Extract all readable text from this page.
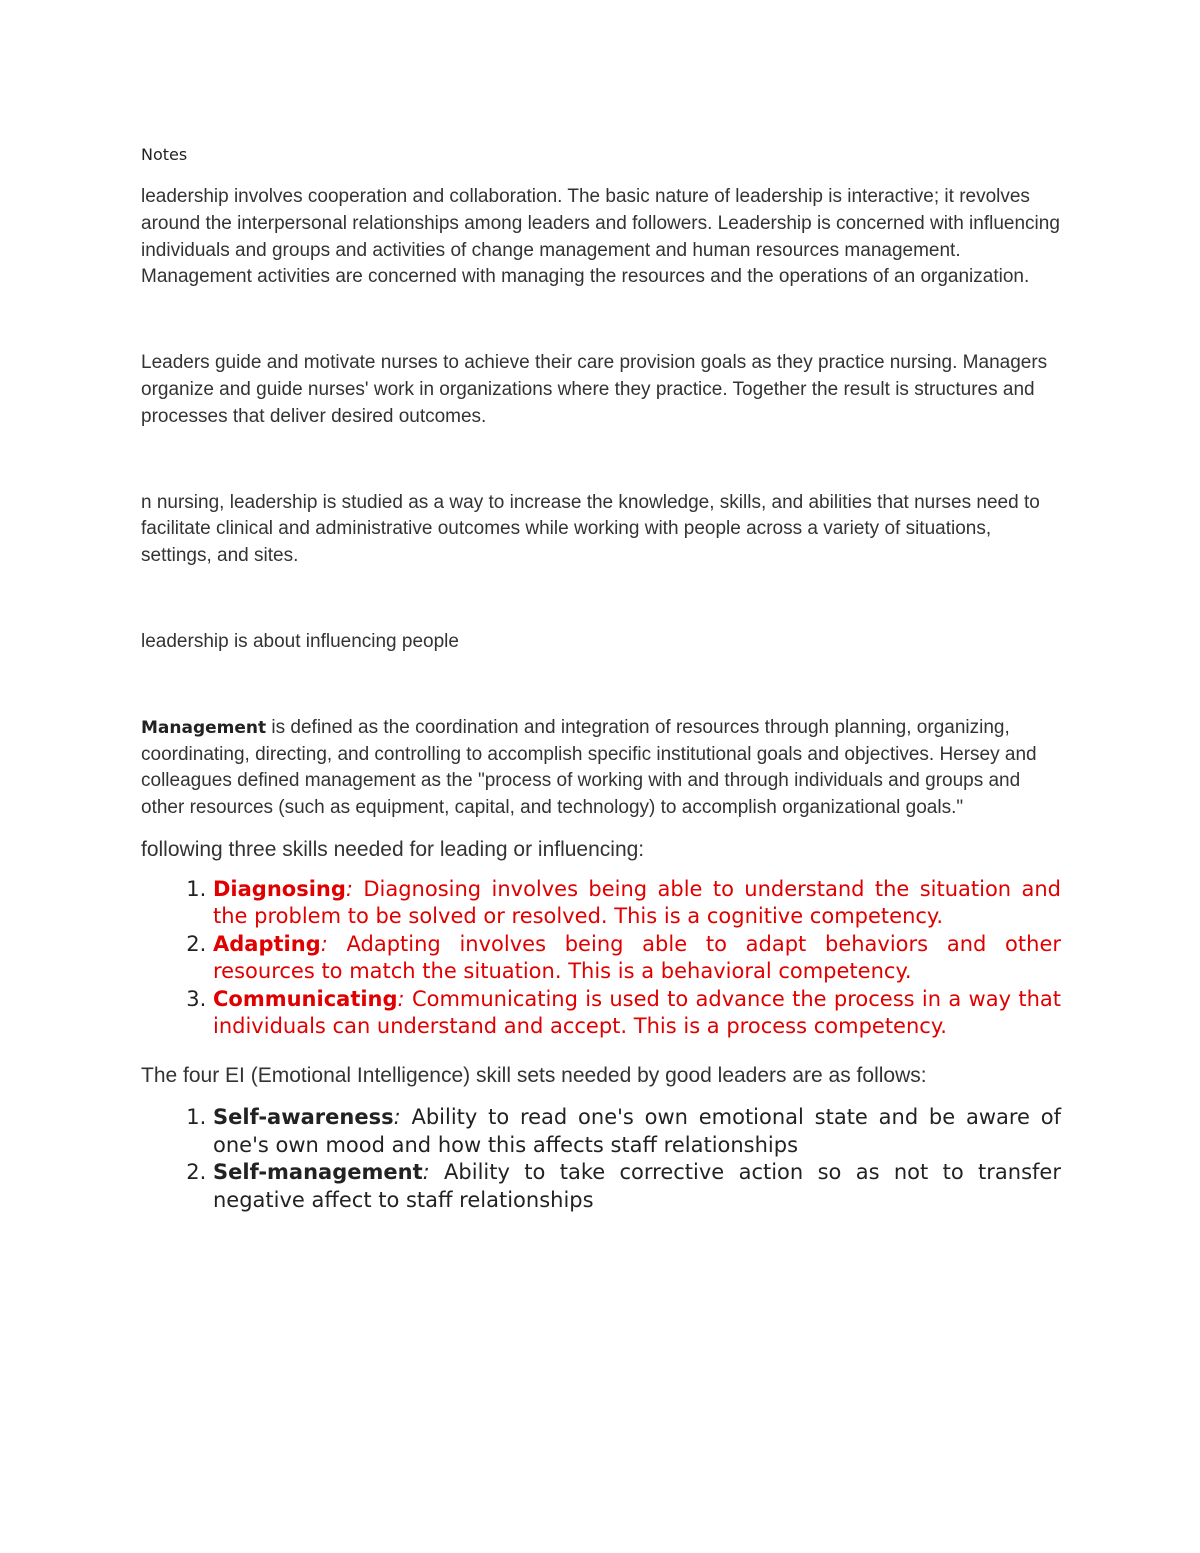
Notes

leadership involves cooperation and collaboration. The basic nature of leadership is interactive; it revolves around the interpersonal relationships among leaders and followers. Leadership is concerned with influencing individuals and groups and activities of change management and human resources management. Management activities are concerned with managing the resources and the operations of an organization.

Leaders guide and motivate nurses to achieve their care provision goals as they practice nursing. Managers organize and guide nurses' work in organizations where they practice. Together the result is structures and processes that deliver desired outcomes.

n nursing, leadership is studied as a way to increase the knowledge, skills, and abilities that nurses need to facilitate clinical and administrative outcomes while working with people across a variety of situations, settings, and sites.

leadership is about influencing people

Management is defined as the coordination and integration of resources through planning, organizing, coordinating, directing, and controlling to accomplish specific institutional goals and objectives. Hersey and colleagues defined management as the "process of working with and through individuals and groups and other resources (such as equipment, capital, and technology) to accomplish organizational goals."

following three skills needed for leading or influencing:

1. Diagnosing: Diagnosing involves being able to understand the situation and the problem to be solved or resolved. This is a cognitive competency.
2. Adapting: Adapting involves being able to adapt behaviors and other resources to match the situation. This is a behavioral competency.
3. Communicating: Communicating is used to advance the process in a way that individuals can understand and accept. This is a process competency.

The four EI (Emotional Intelligence) skill sets needed by good leaders are as follows:

1. Self-awareness: Ability to read one's own emotional state and be aware of one's own mood and how this affects staff relationships
2. Self-management: Ability to take corrective action so as not to transfer negative affect to staff relationships
